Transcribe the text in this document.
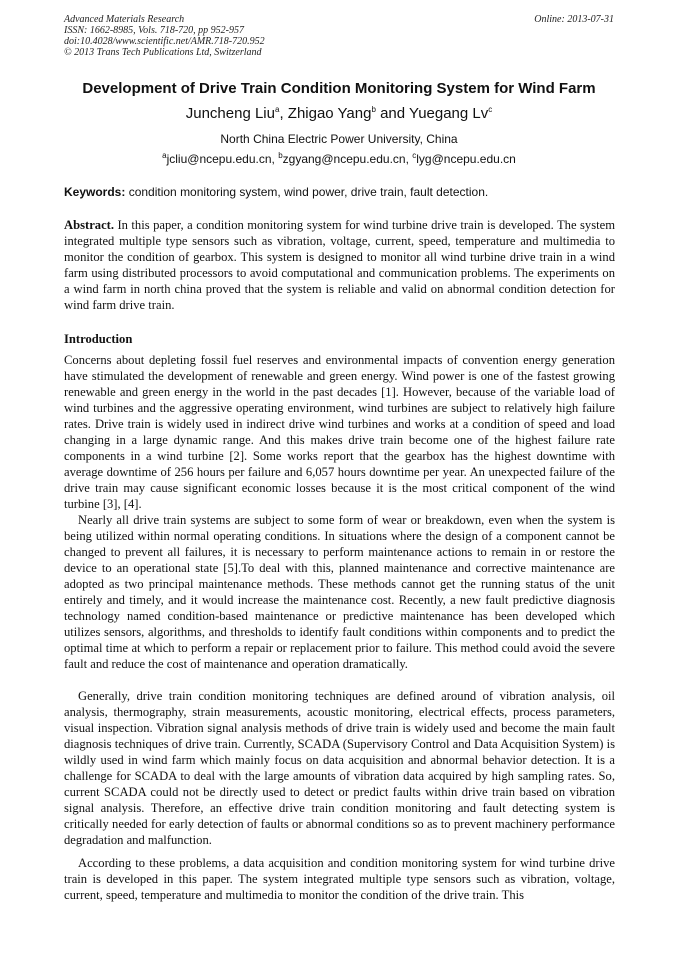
Advanced Materials Research
ISSN: 1662-8985, Vols. 718-720, pp 952-957
doi:10.4028/www.scientific.net/AMR.718-720.952
© 2013 Trans Tech Publications Ltd, Switzerland
Online: 2013-07-31
Development of Drive Train Condition Monitoring System for Wind Farm
Juncheng Liu$^a$, Zhigao Yang$^b$ and Yuegang Lv$^c$
North China Electric Power University, China
$^a$jcliu@ncepu.edu.cn, $^b$zgyang@ncepu.edu.cn, $^c$lyg@ncepu.edu.cn
Keywords: condition monitoring system, wind power, drive train, fault detection.
Abstract. In this paper, a condition monitoring system for wind turbine drive train is developed. The system integrated multiple type sensors such as vibration, voltage, current, speed, temperature and multimedia to monitor the condition of gearbox. This system is designed to monitor all wind turbine drive train in a wind farm using distributed processors to avoid computational and communication problems. The experiments on a wind farm in north china proved that the system is reliable and valid on abnormal condition detection for wind farm drive train.
Introduction
Concerns about depleting fossil fuel reserves and environmental impacts of convention energy generation have stimulated the development of renewable and green energy. Wind power is one of the fastest growing renewable and green energy in the world in the past decades [1]. However, because of the variable load of wind turbines and the aggressive operating environment, wind turbines are subject to relatively high failure rates. Drive train is widely used in indirect drive wind turbines and works at a condition of speed and load changing in a large dynamic range. And this makes drive train become one of the highest failure rate components in a wind turbine [2]. Some works report that the gearbox has the highest downtime with average downtime of 256 hours per failure and 6,057 hours downtime per year. An unexpected failure of the drive train may cause significant economic losses because it is the most critical component of the wind turbine [3], [4].
Nearly all drive train systems are subject to some form of wear or breakdown, even when the system is being utilized within normal operating conditions. In situations where the design of a component cannot be changed to prevent all failures, it is necessary to perform maintenance actions to remain in or restore the device to an operational state [5].To deal with this, planned maintenance and corrective maintenance are adopted as two principal maintenance methods. These methods cannot get the running status of the unit entirely and timely, and it would increase the maintenance cost. Recently, a new fault predictive diagnosis technology named condition-based maintenance or predictive maintenance has been developed which utilizes sensors, algorithms, and thresholds to identify fault conditions within components and to predict the optimal time at which to perform a repair or replacement prior to failure. This method could avoid the severe fault and reduce the cost of maintenance and operation dramatically.
Generally, drive train condition monitoring techniques are defined around of vibration analysis, oil analysis, thermography, strain measurements, acoustic monitoring, electrical effects, process parameters, visual inspection. Vibration signal analysis methods of drive train is widely used and become the main fault diagnosis techniques of drive train. Currently, SCADA (Supervisory Control and Data Acquisition System) is wildly used in wind farm which mainly focus on data acquisition and abnormal behavior detection. It is a challenge for SCADA to deal with the large amounts of vibration data acquired by high sampling rates. So, current SCADA could not be directly used to detect or predict faults within drive train based on vibration signal analysis. Therefore, an effective drive train condition monitoring and fault detecting system is critically needed for early detection of faults or abnormal conditions so as to prevent machinery performance degradation and malfunction.
According to these problems, a data acquisition and condition monitoring system for wind turbine drive train is developed in this paper. The system integrated multiple type sensors such as vibration, voltage, current, speed, temperature and multimedia to monitor the condition of the drive train. This
